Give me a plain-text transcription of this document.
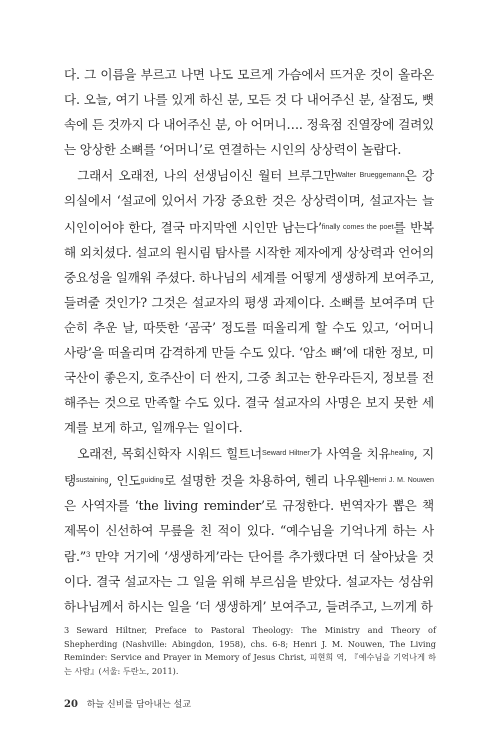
다. 그 이름을 부르고 나면 나도 모르게 가슴에서 뜨거운 것이 올라온다. 오늘, 여기 나를 있게 하신 분, 모든 것 다 내어주신 분, 살점도, 뼛속에 든 것까지 다 내어주신 분, 아 어머니…. 정육점 진열장에 걸려있는 앙상한 소뼈를 ‘어머니’로 연결하는 시인의 상상력이 놀랍다.

그래서 오래전, 나의 선생님이신 월터 브루그만$^{Walter Brueggemann}$은 강의실에서 ‘설교에 있어서 가장 중요한 것은 상상력이며, 설교자는 늘 시인이어야 한다, 결국 마지막엔 시인만 남는다’$^{finally comes the poet}$를 반복해 외치셨다. 설교의 원시림 탐사를 시작한 제자에게 상상력과 언어의 중요성을 일깨워 주셨다. 하나님의 세계를 어떻게 생생하게 보여주고, 들려줄 것인가? 그것은 설교자의 평생 과제이다. 소뼈를 보여주며 단순히 추운 날, 따뜻한 ‘곰국’ 정도를 떠올리게 할 수도 있고, ‘어머니 사랑’을 떠올리며 감격하게 만들 수도 있다. ‘암소 뼈’에 대한 정보, 미국산이 좋은지, 호주산이 더 싼지, 그중 최고는 한우라든지, 정보를 전해주는 것으로 만족할 수도 있다. 결국 설교자의 사명은 보지 못한 세계를 보게 하고, 일깨우는 일이다.

오래전, 목회신학자 시워드 힐트너$^{Seward Hiltner}$가 사역을 치유$^{healing}$, 지탱$^{sustaining}$, 인도$^{guiding}$로 설명한 것을 차용하여, 헨리 나우웬$^{Henri J. M. Nouwen}$은 사역자를 ‘the living reminder’로 규정한다. 번역자가 뽑은 책 제목이 신선하여 무릎을 친 적이 있다. “예수님을 기억나게 하는 사람.”$^3$ 만약 거기에 ‘생생하게’라는 단어를 추가했다면 더 살아났을 것이다. 결국 설교자는 그 일을 위해 부르심을 받았다. 설교자는 성삼위 하나님께서 하시는 일을 ‘더 생생하게’ 보여주고, 들려주고, 느끼게 하

3 Seward Hiltner, Preface to Pastoral Theology: The Ministry and Theory of Shepherding (Nashville: Abingdon, 1958), chs. 6-8; Henri J. M. Nouwen, The Living Reminder: Service and Prayer in Memory of Jesus Christ, 피현희 역, 『예수님을 기억나게 하는 사람』(서울: 두란노, 2011).
20 하늘 신비를 담아내는 설교
